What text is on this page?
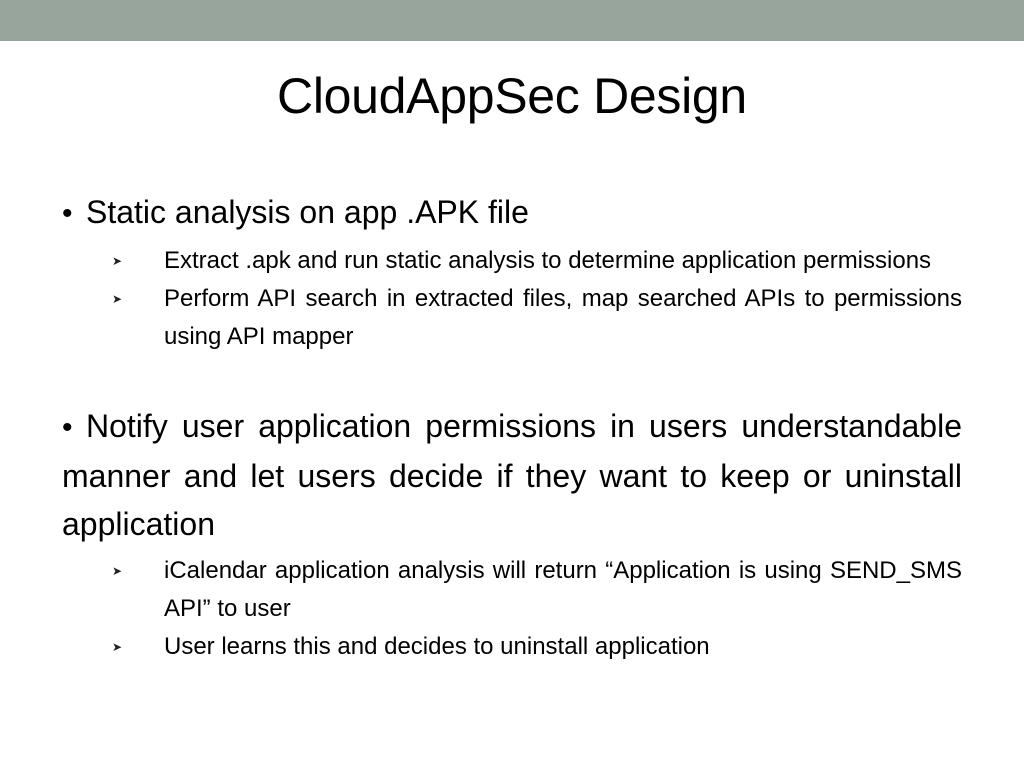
CloudAppSec Design

• Static analysis on app .APK file

➤ Extract .apk and run static analysis to determine application permissions
➤ Perform API search in extracted files, map searched APIs to permissions using API mapper

• Notify user application permissions in users understandable manner and let users decide if they want to keep or uninstall application

➤ iCalendar application analysis will return “Application is using SEND_SMS API” to user
➤ User learns this and decides to uninstall application
